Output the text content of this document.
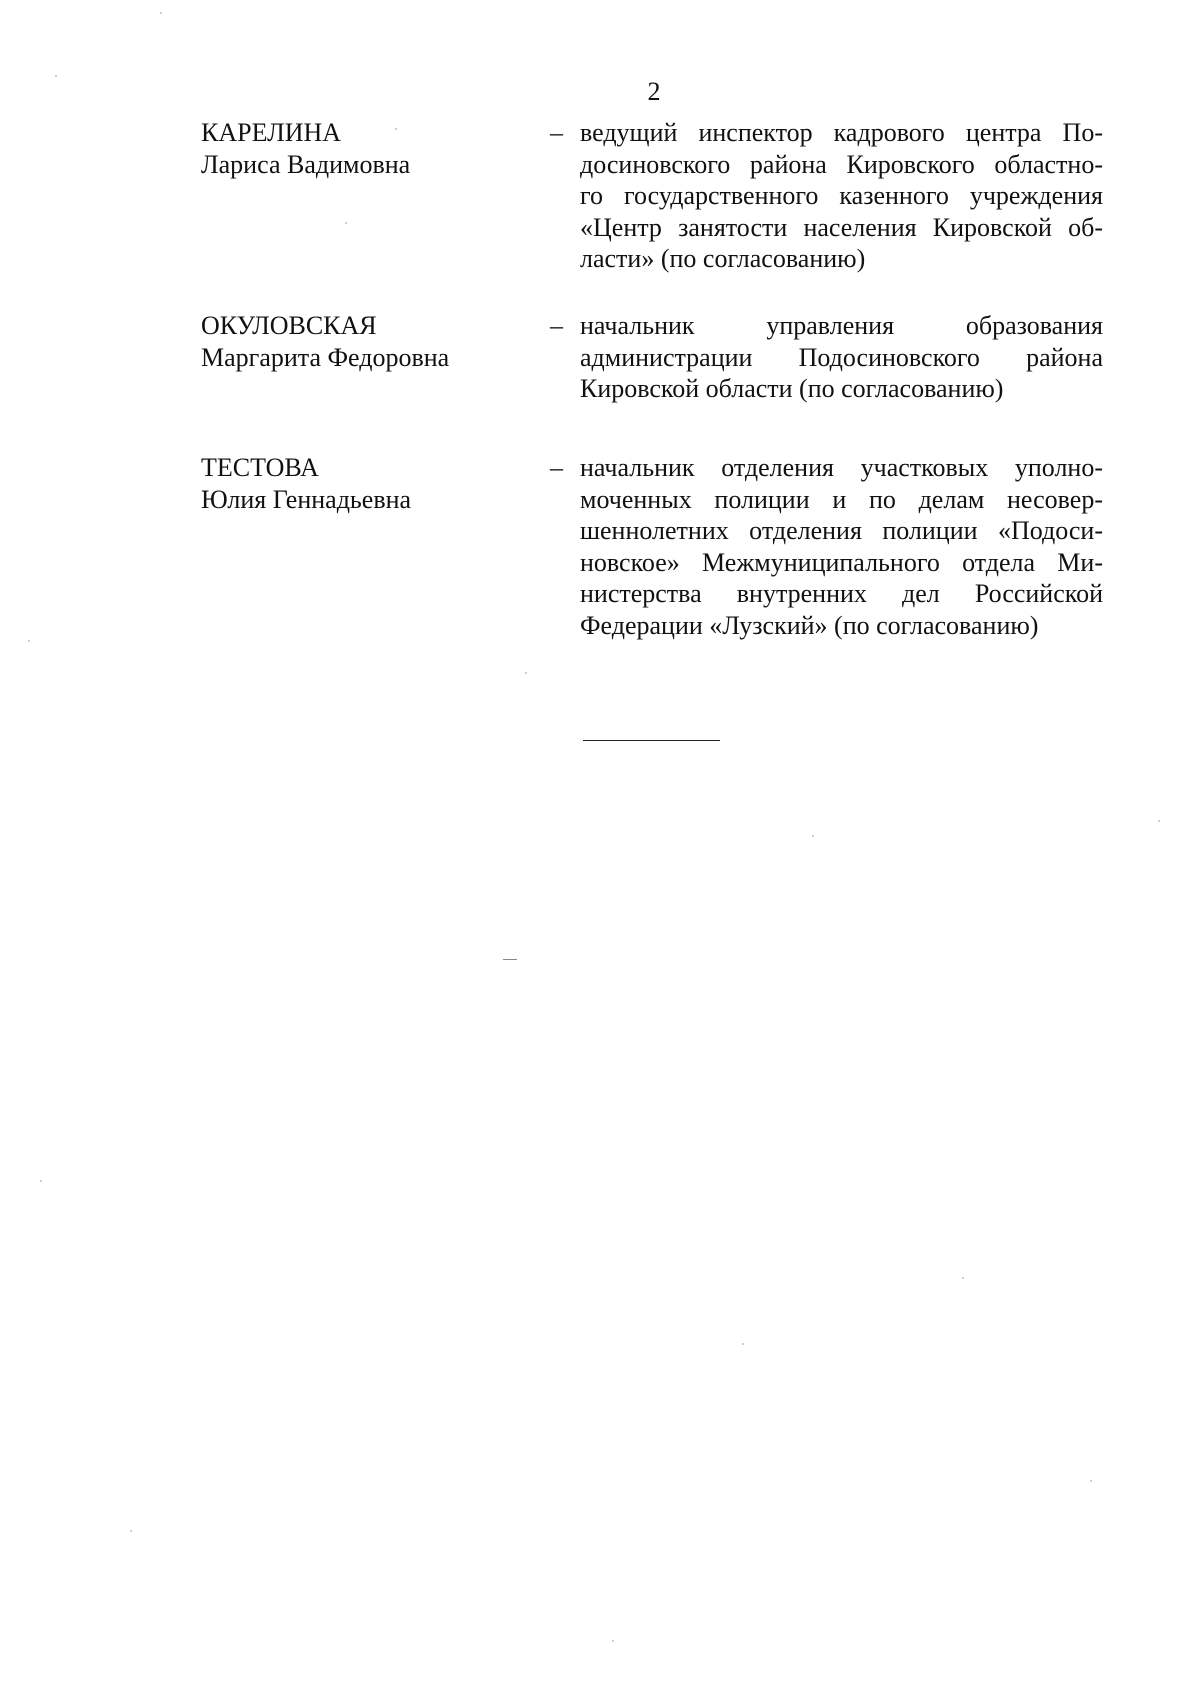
2
КАРЕЛИНА
Лариса Вадимовна
– ведущий инспектор кадрового центра По-
досиновского района Кировского областно-
го государственного казенного учреждения
«Центр занятости населения Кировской об-
ласти» (по согласованию)
ОКУЛОВСКАЯ
Маргарита Федоровна
– начальник управления образования
администрации Подосиновского района
Кировской области (по согласованию)
ТЕСТОВА
Юлия Геннадьевна
– начальник отделения участковых уполно-
моченных полиции и по делам несовер-
шеннолетних отделения полиции «Подоси-
новское» Межмуниципального отдела Ми-
нистерства внутренних дел Российской
Федерации «Лузский» (по согласованию)
